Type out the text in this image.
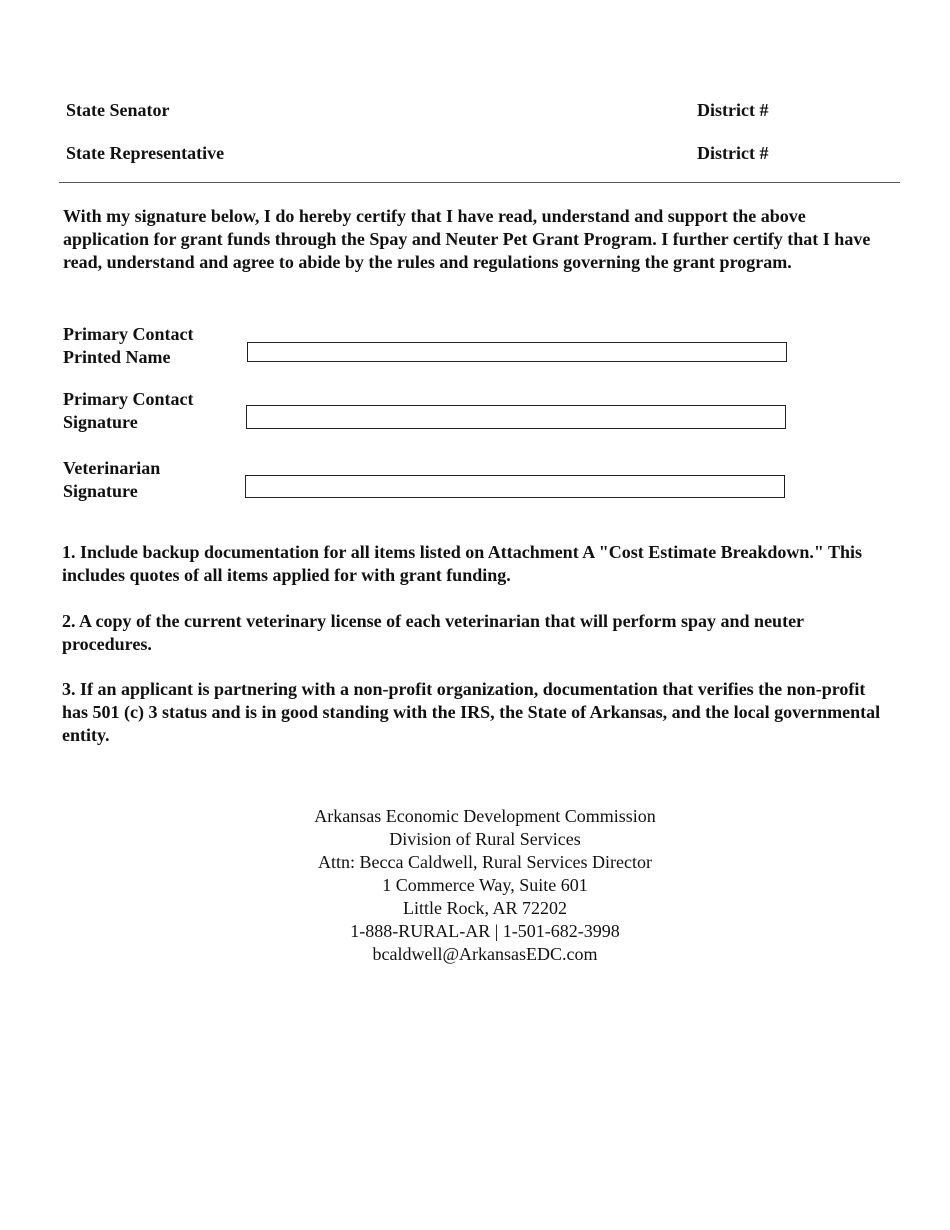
State Senator	District #
State Representative	District #

With my signature below, I do hereby certify that I have read, understand and support the above application for grant funds through the Spay and Neuter Pet Grant Program. I further certify that I have read, understand and agree to abide by the rules and regulations governing the grant program.

Primary Contact
Printed Name
Primary Contact
Signature
Veterinarian
Signature

1. Include backup documentation for all items listed on Attachment A "Cost Estimate Breakdown." This includes quotes of all items applied for with grant funding.

2. A copy of the current veterinary license of each veterinarian that will perform spay and neuter procedures.

3. If an applicant is partnering with a non-profit organization, documentation that verifies the non-profit has 501 (c) 3 status and is in good standing with the IRS, the State of Arkansas, and the local governmental entity.

Arkansas Economic Development Commission
Division of Rural Services
Attn: Becca Caldwell, Rural Services Director
1 Commerce Way, Suite 601
Little Rock, AR 72202
1-888-RURAL-AR | 1-501-682-3998
bcaldwell@ArkansasEDC.com
